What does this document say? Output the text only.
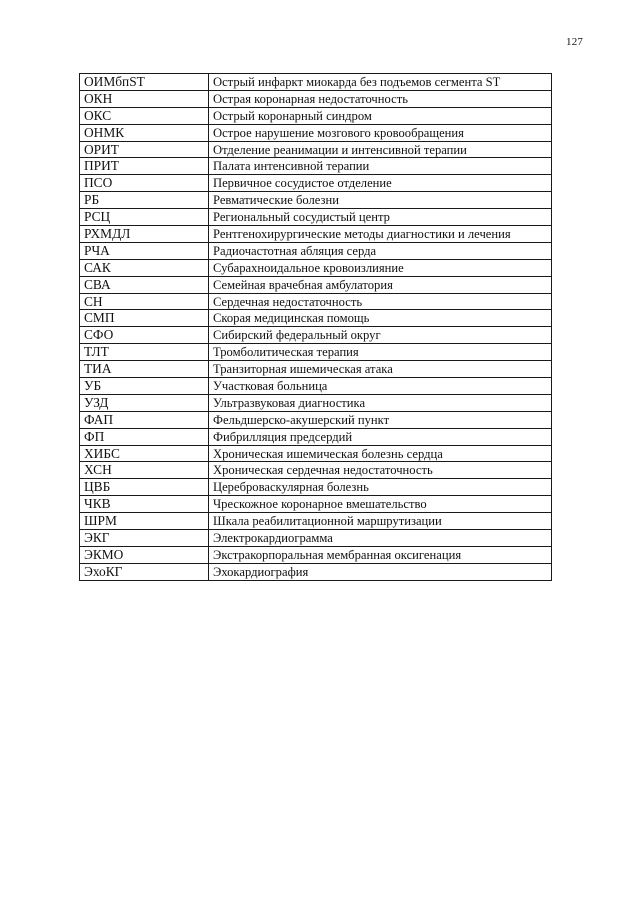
127
ОИМбпST	Острый инфаркт миокарда без подъемов сегмента ST
ОКН	Острая коронарная недостаточность
ОКС	Острый коронарный синдром
ОНМК	Острое нарушение мозгового кровообращения
ОРИТ	Отделение реанимации и интенсивной терапии
ПРИТ	Палата интенсивной терапии
ПСО	Первичное сосудистое отделение
РБ	Ревматические болезни
РСЦ	Региональный сосудистый центр
РХМДЛ	Рентгенохирургические методы диагностики и лечения
РЧА	Радиочастотная абляция серда
САК	Субарахноидальное кровоизлияние
СВА	Семейная врачебная амбулатория
СН	Сердечная недостаточность
СМП	Скорая медицинская помощь
СФО	Сибирский федеральный округ
ТЛТ	Тромболитическая терапия
ТИА	Транзиторная ишемическая атака
УБ	Участковая больница
УЗД	Ультразвуковая диагностика
ФАП	Фельдшерско-акушерский пункт
ФП	Фибрилляция предсердий
ХИБС	Хроническая ишемическая болезнь сердца
ХСН	Хроническая сердечная недостаточность
ЦВБ	Цереброваскулярная болезнь
ЧКВ	Чрескожное коронарное вмешательство
ШРМ	Шкала реабилитационной маршрутизации
ЭКГ	Электрокардиограмма
ЭКМО	Экстракорпоральная мембранная оксигенация
ЭхоКГ	Эхокардиография
